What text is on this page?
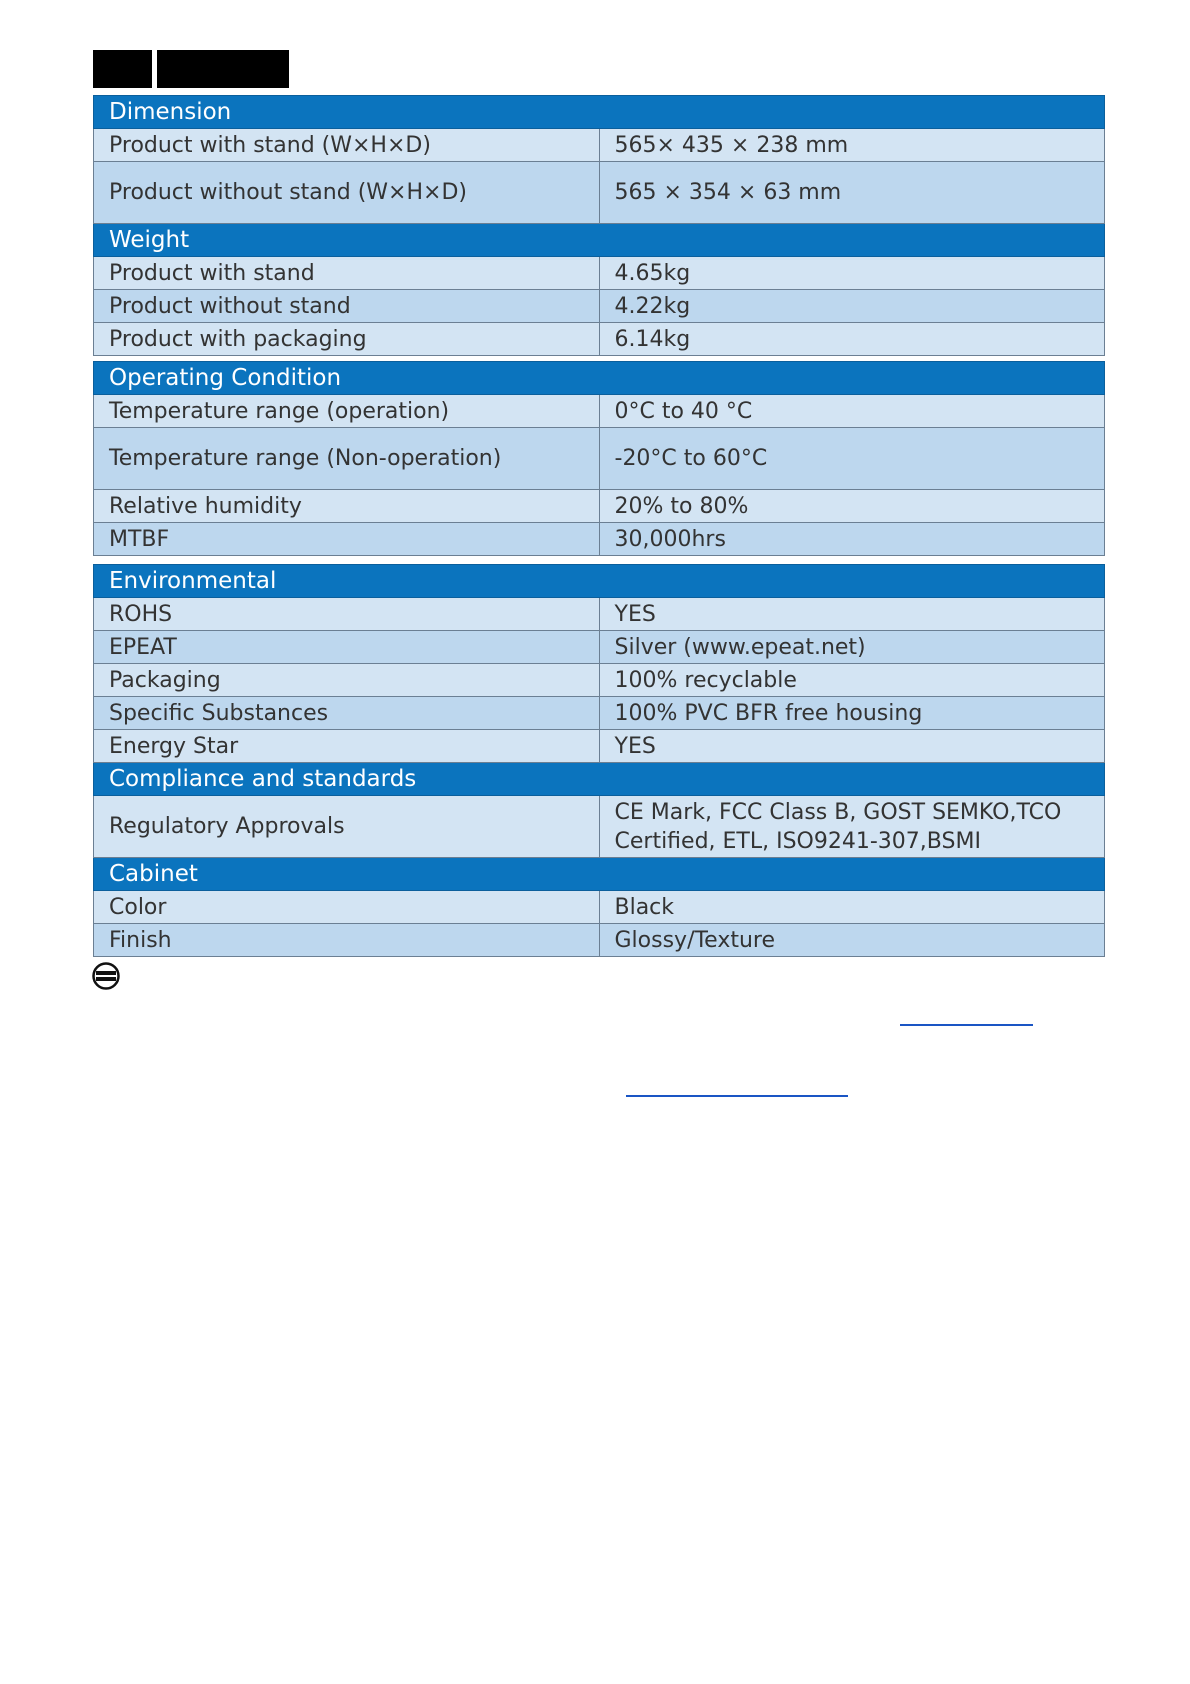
Dimension	
Product with stand (W×H×D)	565× 435 × 238 mm
Product without stand (W×H×D)	565 × 354 × 63 mm
Weight	
Product with stand	4.65kg
Product without stand	4.22kg
Product with packaging	6.14kg
Operating Condition	
Temperature range (operation)	0°C to 40 °C
Temperature range (Non-operation)	-20°C to 60°C
Relative humidity	20% to 80%
MTBF	30,000hrs
Environmental	
ROHS	YES
EPEAT	Silver (www.epeat.net)
Packaging	100% recyclable
Specific Substances	100% PVC BFR free housing
Energy Star	YES
Compliance and standards	
Regulatory Approvals	CE Mark, FCC Class B, GOST SEMKO,TCO Certified, ETL, ISO9241-307,BSMI
Cabinet	
Color	Black
Finish	Glossy/Texture
